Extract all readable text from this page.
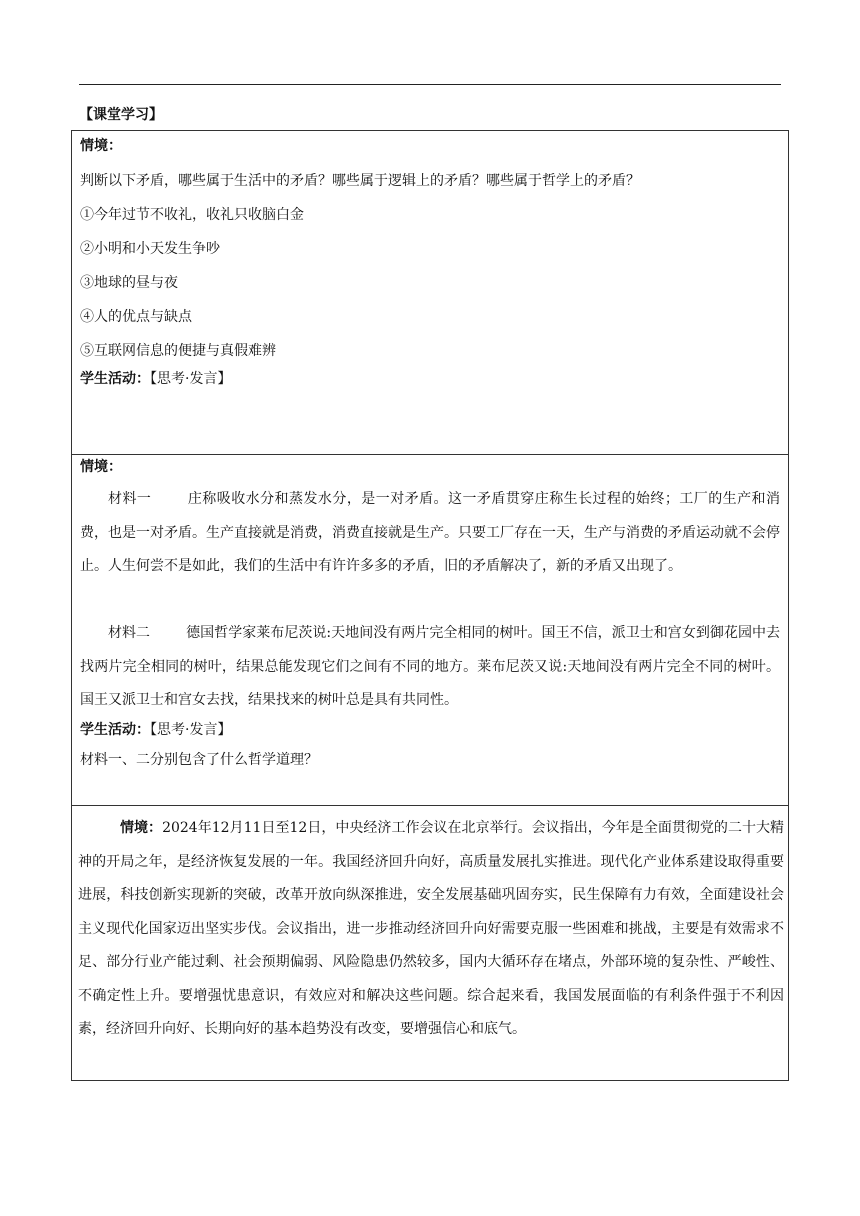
【课堂学习】
情境：
判断以下矛盾，哪些属于生活中的矛盾？哪些属于逻辑上的矛盾？哪些属于哲学上的矛盾？
①今年过节不收礼，收礼只收脑白金
②小明和小天发生争吵
③地球的昼与夜
④人的优点与缺点
⑤互联网信息的便捷与真假难辨
学生活动：【思考·发言】
情境：
材料一	庄称吸收水分和蒸发水分，是一对矛盾。这一矛盾贯穿庄称生长过程的始终；工厂的生产和消费，也是一对矛盾。生产直接就是消费，消费直接就是生产。只要工厂存在一天，生产与消费的矛盾运动就不会停止。人生何尝不是如此，我们的生活中有许许多多的矛盾，旧的矛盾解决了，新的矛盾又出现了。
材料二	德国哲学家莱布尼茨说:天地间没有两片完全相同的树叶。国王不信，派卫士和宫女到御花园中去找两片完全相同的树叶，结果总能发现它们之间有不同的地方。莱布尼茨又说:天地间没有两片完全不同的树叶。国王又派卫士和宫女去找，结果找来的树叶总是具有共同性。
学生活动：【思考·发言】
材料一、二分别包含了什么哲学道理？
情境：2024年12月11日至12日，中央经济工作会议在北京举行。会议指出，今年是全面贯彻党的二十大精神的开局之年，是经济恢复发展的一年。我国经济回升向好，高质量发展扎实推进。现代化产业体系建设取得重要进展，科技创新实现新的突破，改革开放向纵深推进，安全发展基础巩固夯实，民生保障有力有效，全面建设社会主义现代化国家迈出坚实步伐。会议指出，进一步推动经济回升向好需要克服一些困难和挑战，主要是有效需求不足、部分行业产能过剩、社会预期偏弱、风险隐患仍然较多，国内大循环存在堵点，外部环境的复杂性、严峻性、不确定性上升。要增强忧患意识，有效应对和解决这些问题。综合起来看，我国发展面临的有利条件强于不利因素，经济回升向好、长期向好的基本趋势没有改变，要增强信心和底气。
